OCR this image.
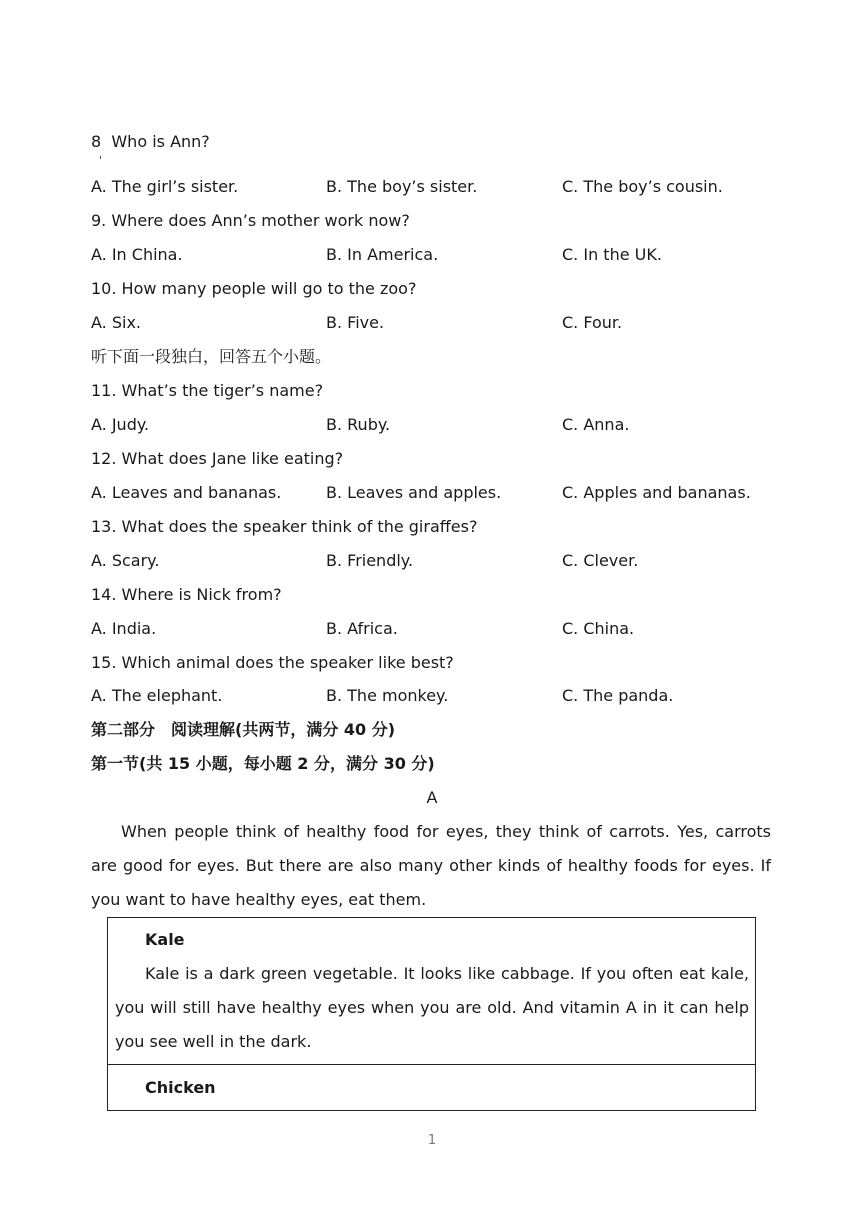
8 Who is Ann?
A. The girl’s sister.	B. The boy’s sister.	C. The boy’s cousin.
9. Where does Ann’s mother work now?
A. In China.	B. In America.	C. In the UK.
10. How many people will go to the zoo?
A. Six.	B. Five.	C. Four.
听下面一段独白，回答五个小题。
11. What’s the tiger’s name?
A. Judy.	B. Ruby.	C. Anna.
12. What does Jane like eating?
A. Leaves and bananas.	B. Leaves and apples.	C. Apples and bananas.
13. What does the speaker think of the giraffes?
A. Scary.	B. Friendly.	C. Clever.
14. Where is Nick from?
A. India.	B. Africa.	C. China.
15. Which animal does the speaker like best?
A. The elephant.	B. The monkey.	C. The panda.
第二部分　阅读理解(共两节，满分 40 分)
第一节(共 15 小题，每小题 2 分，满分 30 分)
A
When people think of healthy food for eyes, they think of carrots. Yes, carrots are good for eyes. But there are also many other kinds of healthy foods for eyes. If you want to have healthy eyes, eat them.
Kale
Kale is a dark green vegetable. It looks like cabbage. If you often eat kale, you will still have healthy eyes when you are old. And vitamin A in it can help you see well in the dark.
Chicken
1
